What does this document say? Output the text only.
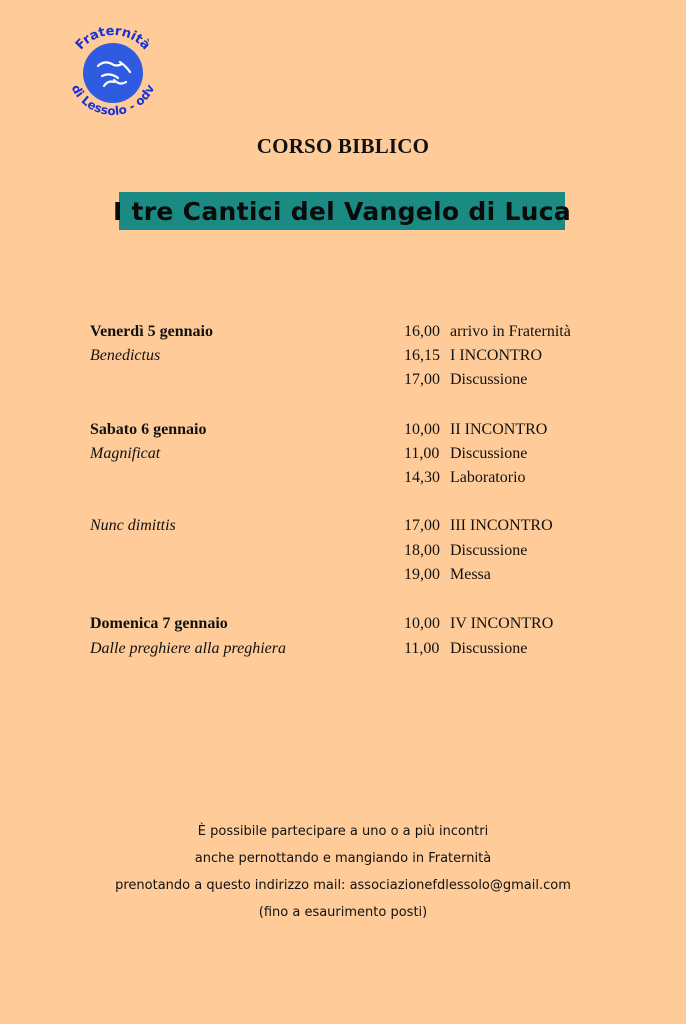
Fraternità
di Lessolo - odv
CORSO BIBLICO
I tre Cantici del Vangelo di Luca
Venerdì 5 gennaio	16,00 arrivo in Fraternità
Benedictus	16,15 I INCONTRO
17,00 Discussione
Sabato 6 gennaio	10,00 II INCONTRO
Magnificat	11,00 Discussione
14,30 Laboratorio
Nunc dimittis	17,00 III INCONTRO
18,00 Discussione
19,00 Messa
Domenica 7 gennaio	10,00 IV INCONTRO
Dalle preghiere alla preghiera	11,00 Discussione
È possibile partecipare a uno o a più incontri
anche pernottando e mangiando in Fraternità
prenotando a questo indirizzo mail: associazionefdlessolo@gmail.com
(fino a esaurimento posti)
